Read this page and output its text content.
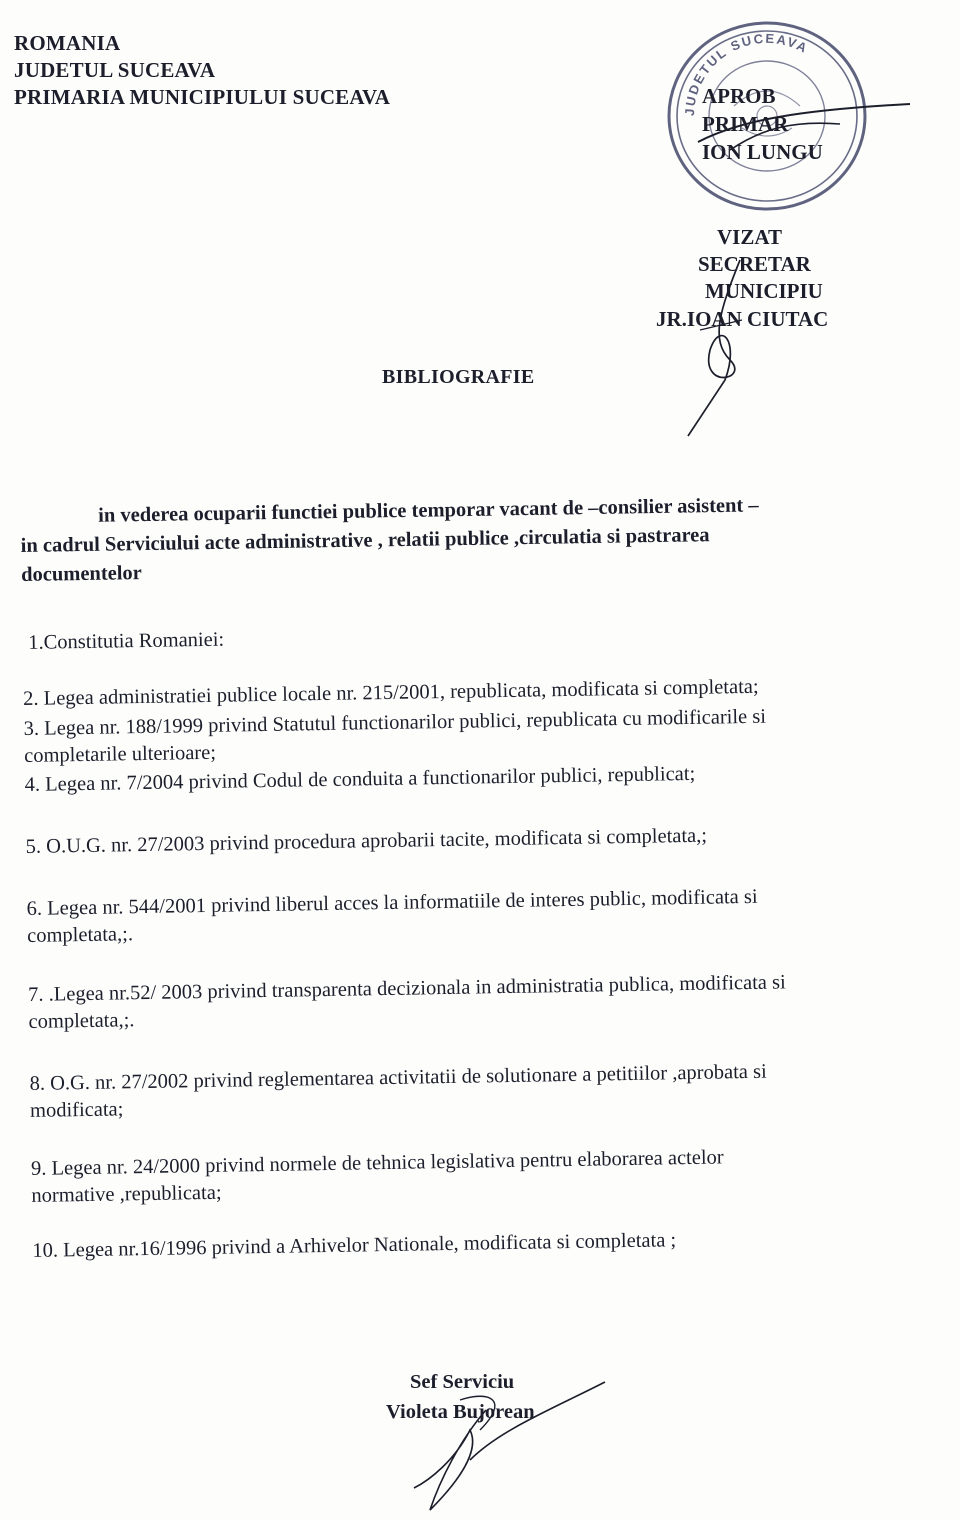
ROMANIA
JUDETUL SUCEAVA
PRIMARIA MUNICIPIULUI SUCEAVA
JUDETUL SUCEAVA
APROB
PRIMAR
ION LUNGU
VIZAT
SECRETAR
MUNICIPIU
JR.IOAN CIUTAC
BIBLIOGRAFIE
in vederea ocuparii functiei publice temporar vacant de –consilier asistent –
in cadrul Serviciului acte administrative , relatii publice ,circulatia si pastrarea
documentelor
1.Constitutia Romaniei:
2. Legea administratiei publice locale nr. 215/2001, republicata, modificata si completata;
3. Legea nr. 188/1999 privind Statutul functionarilor publici, republicata cu modificarile si
completarile ulterioare;
4. Legea nr. 7/2004 privind Codul de conduita a functionarilor publici, republicat;
5. O.U.G. nr. 27/2003 privind procedura aprobarii tacite, modificata si completata,;
6. Legea nr. 544/2001 privind liberul acces la informatiile de interes public, modificata si
completata,;.
7. .Legea nr.52/ 2003 privind transparenta decizionala in administratia publica, modificata si
completata,;.
8. O.G. nr. 27/2002 privind reglementarea activitatii de solutionare a petitiilor ,aprobata si
modificata;
9. Legea nr. 24/2000 privind normele de tehnica legislativa pentru elaborarea actelor
normative ,republicata;
10. Legea nr.16/1996 privind a Arhivelor Nationale, modificata si completata ;
Sef Serviciu
Violeta Bujorean
